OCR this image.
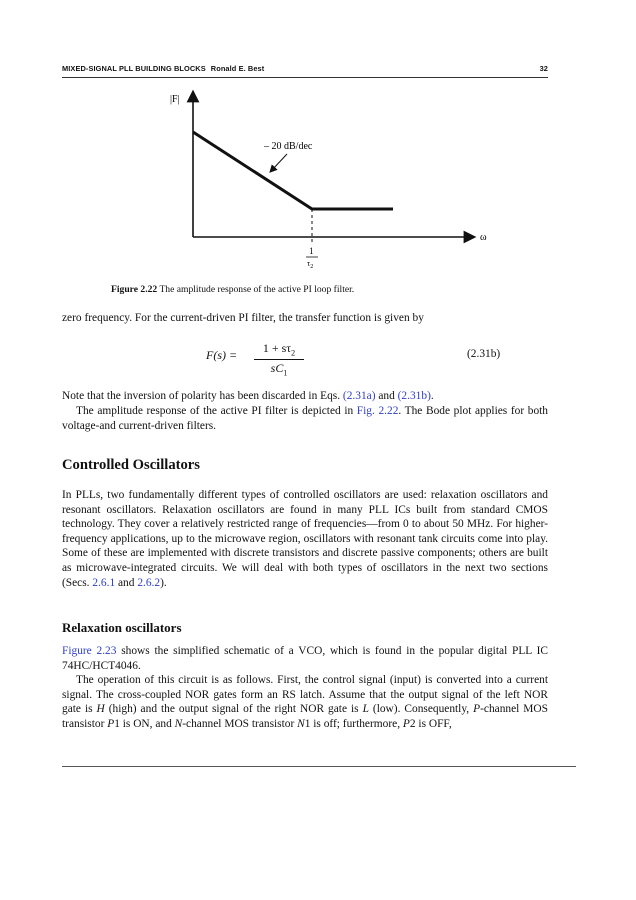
MIXED-SIGNAL PLL BUILDING BLOCKS Ronald E. Best	32
|F|
ω
– 20 dB/dec
1
$\tau_2$
Figure 2.22 The amplitude response of the active PI loop filter.

zero frequency. For the current-driven PI filter, the transfer function is given by

F(s) =	$1 + s\tau_2$
$sC_1$
(2.31b)

Note that the inversion of polarity has been discarded in Eqs. (2.31a) and (2.31b).

The amplitude response of the active PI filter is depicted in Fig. 2.22. The Bode plot applies for both voltage-and current-driven filters.

Controlled Oscillators

In PLLs, two fundamentally different types of controlled oscillators are used: relaxation oscillators and resonant oscillators. Relaxation oscillators are found in many PLL ICs built from standard CMOS technology. They cover a relatively restricted range of frequencies—from 0 to about 50 MHz. For higher-frequency applications, up to the microwave region, oscillators with resonant tank circuits come into play. Some of these are implemented with discrete transistors and discrete passive components; others are built as microwave-integrated circuits. We will deal with both types of oscillators in the next two sections (Secs. 2.6.1 and 2.6.2).

Relaxation oscillators

Figure 2.23 shows the simplified schematic of a VCO, which is found in the popular digital PLL IC 74HC/HCT4046.

The operation of this circuit is as follows. First, the control signal (input) is converted into a current signal. The cross-coupled NOR gates form an RS latch. Assume that the output signal of the left NOR gate is H (high) and the output signal of the right NOR gate is L (low). Consequently, P-channel MOS transistor P1 is ON, and N-channel MOS transistor N1 is off; furthermore, P2 is OFF,
